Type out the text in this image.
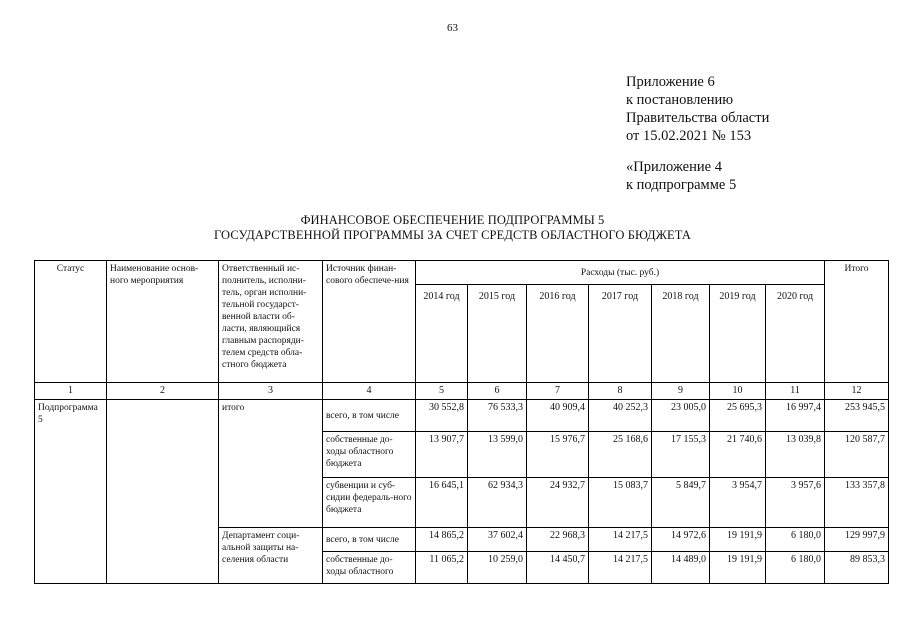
63
Приложение 6
к постановлению
Правительства области
от 15.02.2021 № 153
«Приложение 4
к подпрограмме 5
ФИНАНСОВОЕ ОБЕСПЕЧЕНИЕ ПОДПРОГРАММЫ 5
ГОСУДАРСТВЕННОЙ ПРОГРАММЫ ЗА СЧЕТ СРЕДСТВ ОБЛАСТНОГО БЮДЖЕТА
Статус	Наименование основ-ного мероприятия	Ответственный ис-полнитель, исполни-тель, орган исполни-тельной государст-венной власти об-ласти, являющийся главным распоряди-телем средств обла-стного бюджета	Источник финан-сового обеспече-ния	Расходы (тыс. руб.)							Итого
				2014 год	2015 год	2016 год	2017 год	2018 год	2019 год	2020 год	
1	2	3	4	5	6	7	8	9	10	11	12
Подпрограмма 5		итого	всего, в том числе	30 552,8	76 533,3	40 909,4	40 252,3	23 005,0	25 695,3	16 997,4	253 945,5
			собственные до-ходы областного бюджета	13 907,7	13 599,0	15 976,7	25 168,6	17 155,3	21 740,6	13 039,8	120 587,7
			субвенции и суб-сидии федераль-ного бюджета	16 645,1	62 934,3	24 932,7	15 083,7	5 849,7	3 954,7	3 957,6	133 357,8
		Департамент соци-альной защиты на-селения области	всего, в том числе	14 865,2	37 602,4	22 968,3	14 217,5	14 972,6	19 191,9	6 180,0	129 997,9
			собственные до-ходы областного	11 065,2	10 259,0	14 450,7	14 217,5	14 489,0	19 191,9	6 180,0	89 853,3
